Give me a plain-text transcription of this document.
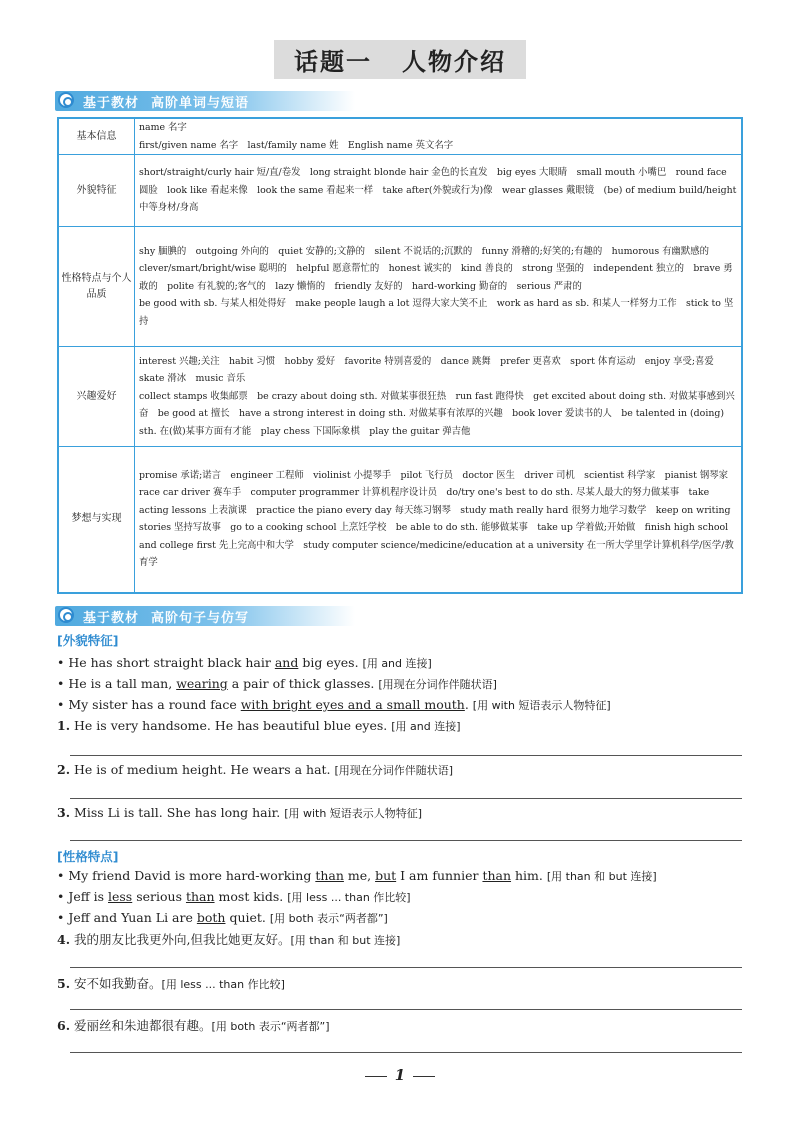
话题一 人物介绍
基于教材 高阶单词与短语
基本信息	name 名字

first/given name 名字　last/family name 姓　English name 英文名字

外貌特征	short/straight/curly hair 短/直/卷发　long straight blonde hair 金色的长直发　big eyes 大眼睛　small mouth 小嘴巴　round face 圆脸　look like 看起来像　look the same 看起来一样　take after(外貌或行为)像　wear glasses 戴眼镜　(be) of medium build/height 中等身材/身高

性格特点与个人品质	shy 腼腆的　outgoing 外向的　quiet 安静的;文静的　silent 不说话的;沉默的　funny 滑稽的;好笑的;有趣的　humorous 有幽默感的　clever/smart/bright/wise 聪明的　helpful 愿意帮忙的　honest 诚实的　kind 善良的　strong 坚强的　independent 独立的　brave 勇敢的　polite 有礼貌的;客气的　lazy 懒惰的　friendly 友好的　hard-working 勤奋的　serious 严肃的

be good with sb. 与某人相处得好　make people laugh a lot 逗得大家大笑不止　work as hard as sb. 和某人一样努力工作　stick to 坚持

兴趣爱好	interest 兴趣;关注　habit 习惯　hobby 爱好　favorite 特别喜爱的　dance 跳舞　prefer 更喜欢　sport 体育运动　enjoy 享受;喜爱　skate 滑冰　music 音乐

collect stamps 收集邮票　be crazy about doing sth. 对做某事很狂热　run fast 跑得快　get excited about doing sth. 对做某事感到兴奋　be good at 擅长　have a strong interest in doing sth. 对做某事有浓厚的兴趣　book lover 爱读书的人　be talented in (doing) sth. 在(做)某事方面有才能　play chess 下国际象棋　play the guitar 弹吉他

梦想与实现	promise 承诺;诺言　engineer 工程师　violinist 小提琴手　pilot 飞行员　doctor 医生　driver 司机　scientist 科学家　pianist 钢琴家

race car driver 赛车手　computer programmer 计算机程序设计员　do/try one's best to do sth. 尽某人最大的努力做某事　take acting lessons 上表演课　practice the piano every day 每天练习钢琴　study math really hard 很努力地学习数学　keep on writing stories 坚持写故事　go to a cooking school 上烹饪学校　be able to do sth. 能够做某事　take up 学着做;开始做　finish high school and college first 先上完高中和大学　study computer science/medicine/education at a university 在一所大学里学计算机科学/医学/教育学

基于教材 高阶句子与仿写
[外貌特征]
• He has short straight black hair and big eyes. [用 and 连接]
• He is a tall man, wearing a pair of thick glasses. [用现在分词作伴随状语]
• My sister has a round face with bright eyes and a small mouth. [用 with 短语表示人物特征]
1. He is very handsome. He has beautiful blue eyes. [用 and 连接]
2. He is of medium height. He wears a hat. [用现在分词作伴随状语]
3. Miss Li is tall. She has long hair. [用 with 短语表示人物特征]
[性格特点]
• My friend David is more hard-working than me, but I am funnier than him. [用 than 和 but 连接]
• Jeff is less serious than most kids. [用 less ... than 作比较]
• Jeff and Yuan Li are both quiet. [用 both 表示“两者都”]
4. 我的朋友比我更外向,但我比她更友好。[用 than 和 but 连接]
5. 安不如我勤奋。[用 less ... than 作比较]
6. 爱丽丝和朱迪都很有趣。[用 both 表示“两者都”]
1
